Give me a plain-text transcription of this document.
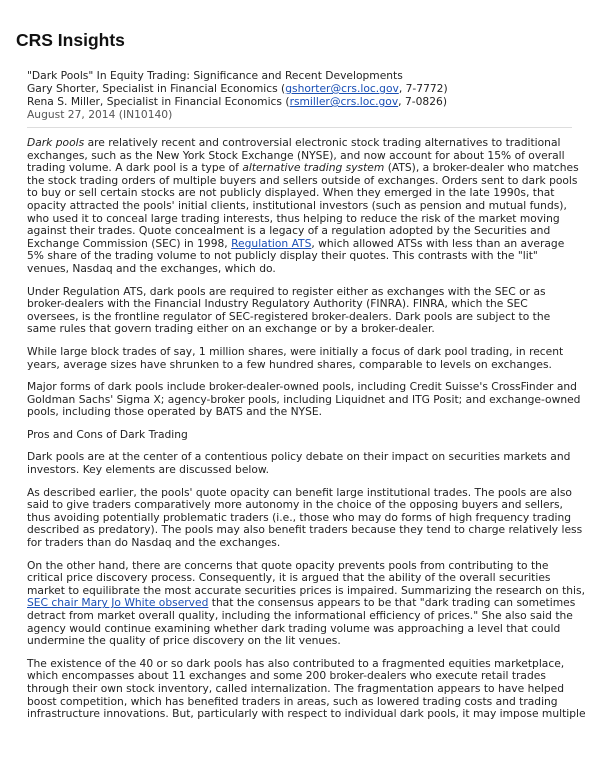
CRS Insights
"Dark Pools" In Equity Trading: Significance and Recent Developments
Gary Shorter, Specialist in Financial Economics (gshorter@crs.loc.gov, 7-7772)
Rena S. Miller, Specialist in Financial Economics (rsmiller@crs.loc.gov, 7-0826)
August 27, 2014 (IN10140)

Dark pools are relatively recent and controversial electronic stock trading alternatives to traditional
exchanges, such as the New York Stock Exchange (NYSE), and now account for about 15% of overall
trading volume. A dark pool is a type of alternative trading system (ATS), a broker-dealer who matches
the stock trading orders of multiple buyers and sellers outside of exchanges. Orders sent to dark pools
to buy or sell certain stocks are not publicly displayed. When they emerged in the late 1990s, that
opacity attracted the pools' initial clients, institutional investors (such as pension and mutual funds),
who used it to conceal large trading interests, thus helping to reduce the risk of the market moving
against their trades. Quote concealment is a legacy of a regulation adopted by the Securities and
Exchange Commission (SEC) in 1998, Regulation ATS, which allowed ATSs with less than an average
5% share of the trading volume to not publicly display their quotes. This contrasts with the "lit"
venues, Nasdaq and the exchanges, which do.

Under Regulation ATS, dark pools are required to register either as exchanges with the SEC or as
broker-dealers with the Financial Industry Regulatory Authority (FINRA). FINRA, which the SEC
oversees, is the frontline regulator of SEC-registered broker-dealers. Dark pools are subject to the
same rules that govern trading either on an exchange or by a broker-dealer.

While large block trades of say, 1 million shares, were initially a focus of dark pool trading, in recent
years, average sizes have shrunken to a few hundred shares, comparable to levels on exchanges.

Major forms of dark pools include broker-dealer-owned pools, including Credit Suisse's CrossFinder and
Goldman Sachs' Sigma X; agency-broker pools, including Liquidnet and ITG Posit; and exchange-owned
pools, including those operated by BATS and the NYSE.

Pros and Cons of Dark Trading

Dark pools are at the center of a contentious policy debate on their impact on securities markets and
investors. Key elements are discussed below.

As described earlier, the pools' quote opacity can benefit large institutional trades. The pools are also
said to give traders comparatively more autonomy in the choice of the opposing buyers and sellers,
thus avoiding potentially problematic traders (i.e., those who may do forms of high frequency trading
described as predatory). The pools may also benefit traders because they tend to charge relatively less
for traders than do Nasdaq and the exchanges.

On the other hand, there are concerns that quote opacity prevents pools from contributing to the
critical price discovery process. Consequently, it is argued that the ability of the overall securities
market to equilibrate the most accurate securities prices is impaired. Summarizing the research on this,
SEC chair Mary Jo White observed that the consensus appears to be that "dark trading can sometimes
detract from market overall quality, including the informational efficiency of prices." She also said the
agency would continue examining whether dark trading volume was approaching a level that could
undermine the quality of price discovery on the lit venues.

The existence of the 40 or so dark pools has also contributed to a fragmented equities marketplace,
which encompasses about 11 exchanges and some 200 broker-dealers who execute retail trades
through their own stock inventory, called internalization. The fragmentation appears to have helped
boost competition, which has benefited traders in areas, such as lowered trading costs and trading
infrastructure innovations. But, particularly with respect to individual dark pools, it may impose multiple
